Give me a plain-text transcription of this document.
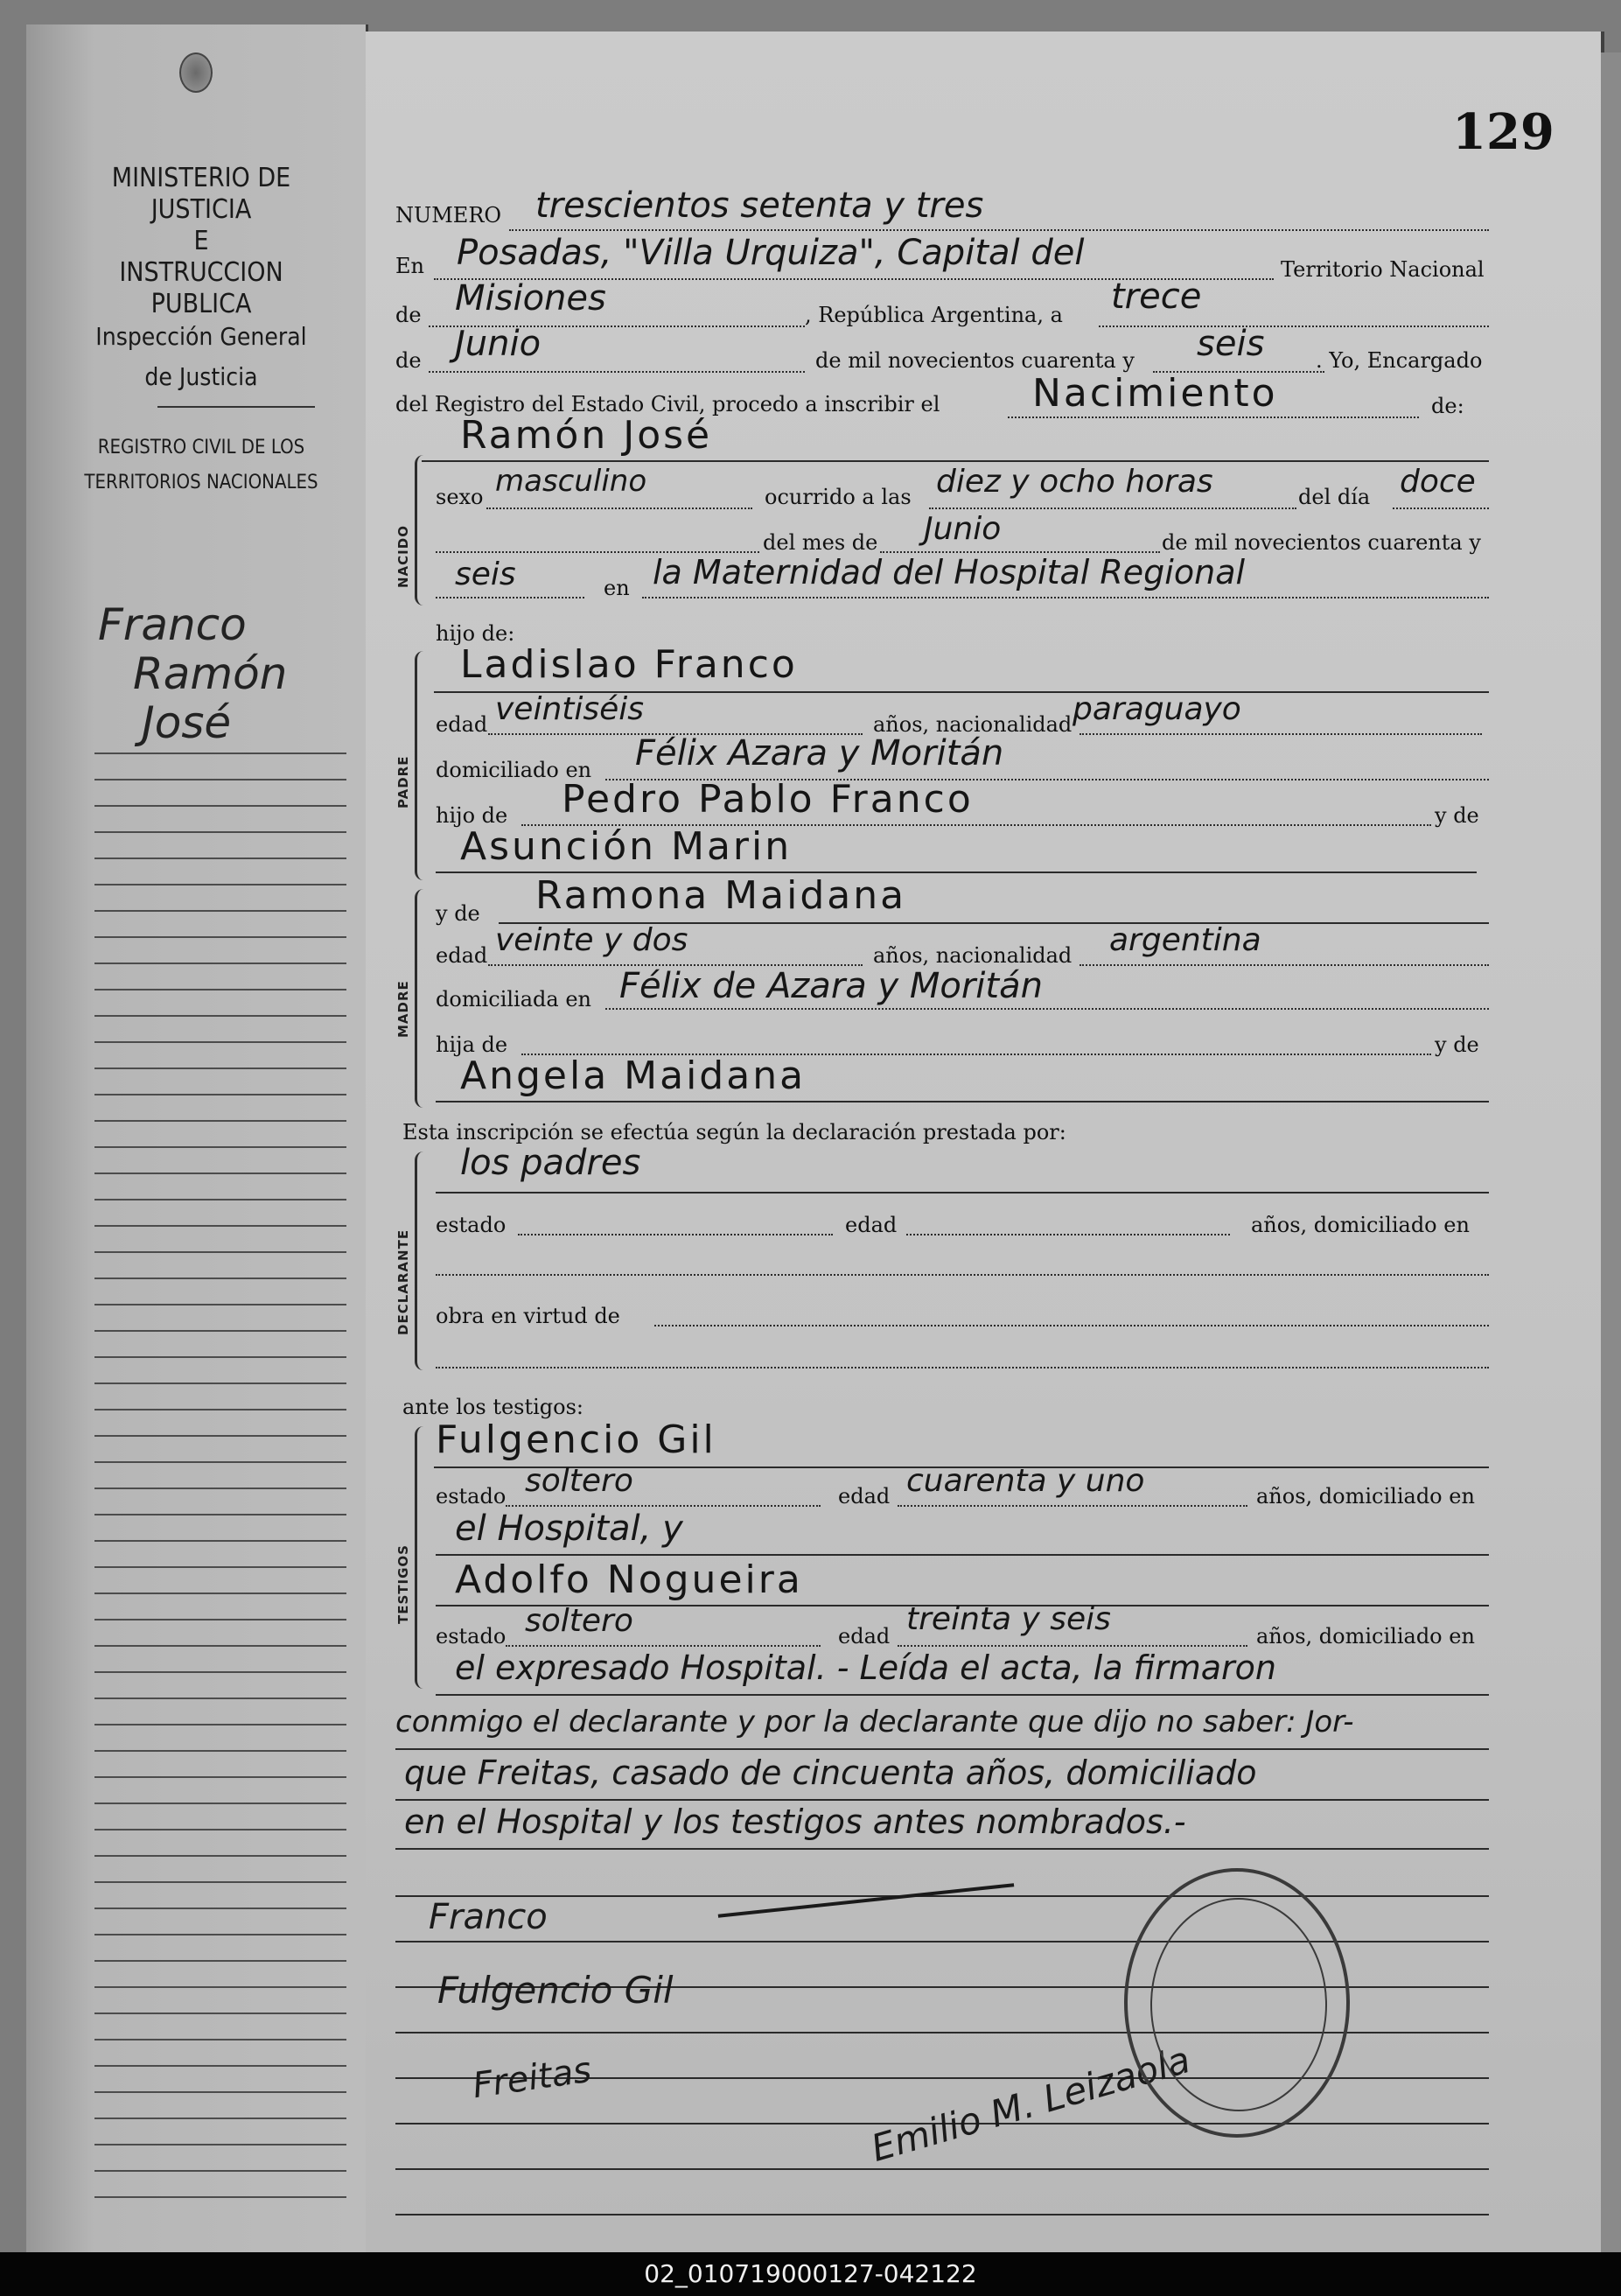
MINISTERIO DE JUSTICIA
E
INSTRUCCION PUBLICA
Inspección General
de Justicia
REGISTRO CIVIL DE LOS
TERRITORIOS NACIONALES
Franco
Ramón
José
129
NUMERO trescientos setenta y tres
En Posadas, "Villa Urquiza", Capital del	Territorio Nacional
de Misiones	, República Argentina, a trece
de Junio	de mil novecientos cuarenta y seis . Yo, Encargado
del Registro del Estado Civil, procedo a inscribir el Nacimiento	de:
Ramón José
NACIDO
sexo masculino	ocurrido a las diez y ocho horas	del día doce
del mes de Junio	de mil novecientos cuarenta y
seis	en la Maternidad del Hospital Regional
hijo de:
PADRE
Ladislao Franco
edad veintiséis	años, nacionalidad paraguayo
domiciliado en Félix Azara y Moritán
hijo de Pedro Pablo Franco	y de
Asunción Marin
MADRE
y de Ramona Maidana
edad veinte y dos	años, nacionalidad argentina
domiciliada en Félix de Azara y Moritán
hija de	y de
Angela Maidana
Esta inscripción se efectúa según la declaración prestada por:
DECLARANTE
los padres
estado	edad	años, domiciliado en
obra en virtud de
ante los testigos:
TESTIGOS
Fulgencio Gil
estado soltero	edad cuarenta y uno	años, domiciliado en
el Hospital, y
Adolfo Nogueira
estado soltero	edad treinta y seis	años, domiciliado en
el expresado Hospital. - Leída el acta, la firmaron
conmigo el declarante y por la declarante que dijo no saber: Jor-
que Freitas, casado de cincuenta años, domiciliado
en el Hospital y los testigos antes nombrados.-
Franco
Fulgencio Gil
Freitas	Emilio M. Leizaola
02_010719000127-042122
